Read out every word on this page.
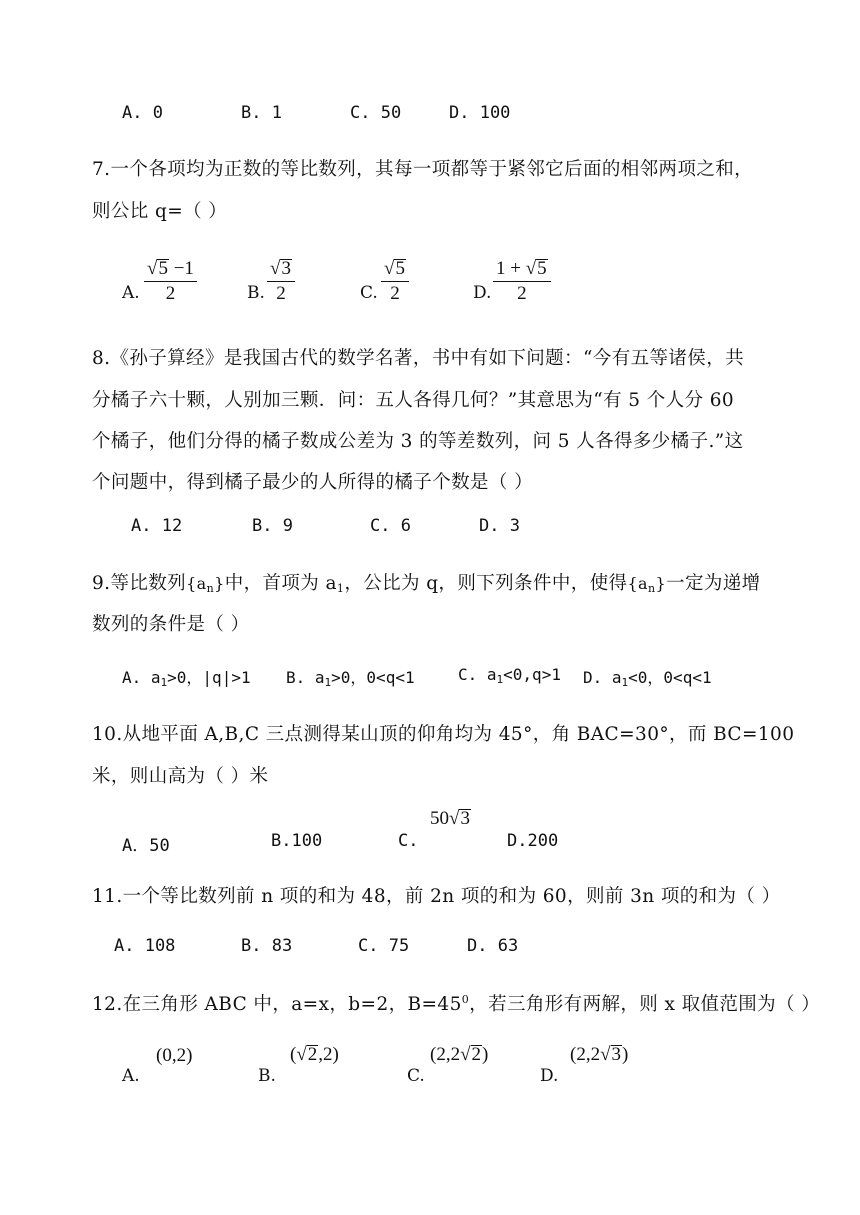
A. 0	B. 1	C. 50	D. 100
7.一个各项均为正数的等比数列，其每一项都等于紧邻它后面的相邻两项之和，
则公比 q=（ ）
A. $\frac{√5 -1}{2}$	B. $\frac{√3}{2}$	C. $\frac{√5}{2}$	D. $\frac{1 + √5}{2}$
8.《孙子算经》是我国古代的数学名著，书中有如下问题：“今有五等诸侯，共
分橘子六十颗，人别加三颗．问：五人各得几何？”其意思为“有 5 个人分 60
个橘子，他们分得的橘子数成公差为 3 的等差数列，问 5 人各得多少橘子.”这
个问题中，得到橘子最少的人所得的橘子个数是（ ）
A. 12	B. 9	C. 6	D. 3
9.等比数列$\{a_n\}$中，首项为 $a_1$，公比为 q，则下列条件中，使得$\{a_n\}$一定为递增
数列的条件是（ ）
A. $a_1>0$，|q|>1 B. $a_1>0$，0<q<1	C. $a_1<0,q>1$ D. $a_1<0$，0<q<1
10.从地平面 A,B,C 三点测得某山顶的仰角均为 45°，角 BAC=30°，而 BC=100
米，则山高为（ ）米
A．50	B.100	C.
50√3
D.200
11.一个等比数列前 n 项的和为 48，前 2n 项的和为 60，则前 3n 项的和为（ ）
A. 108	B. 83	C. 75	D. 63
12.在三角形 ABC 中，a=x，b=2，$B=45^0$，若三角形有两解，则 x 取值范围为（ ）
A.
(0,2)
B.
(√2,2)
C.
(2,2√2)
D.
(2,2√3)
